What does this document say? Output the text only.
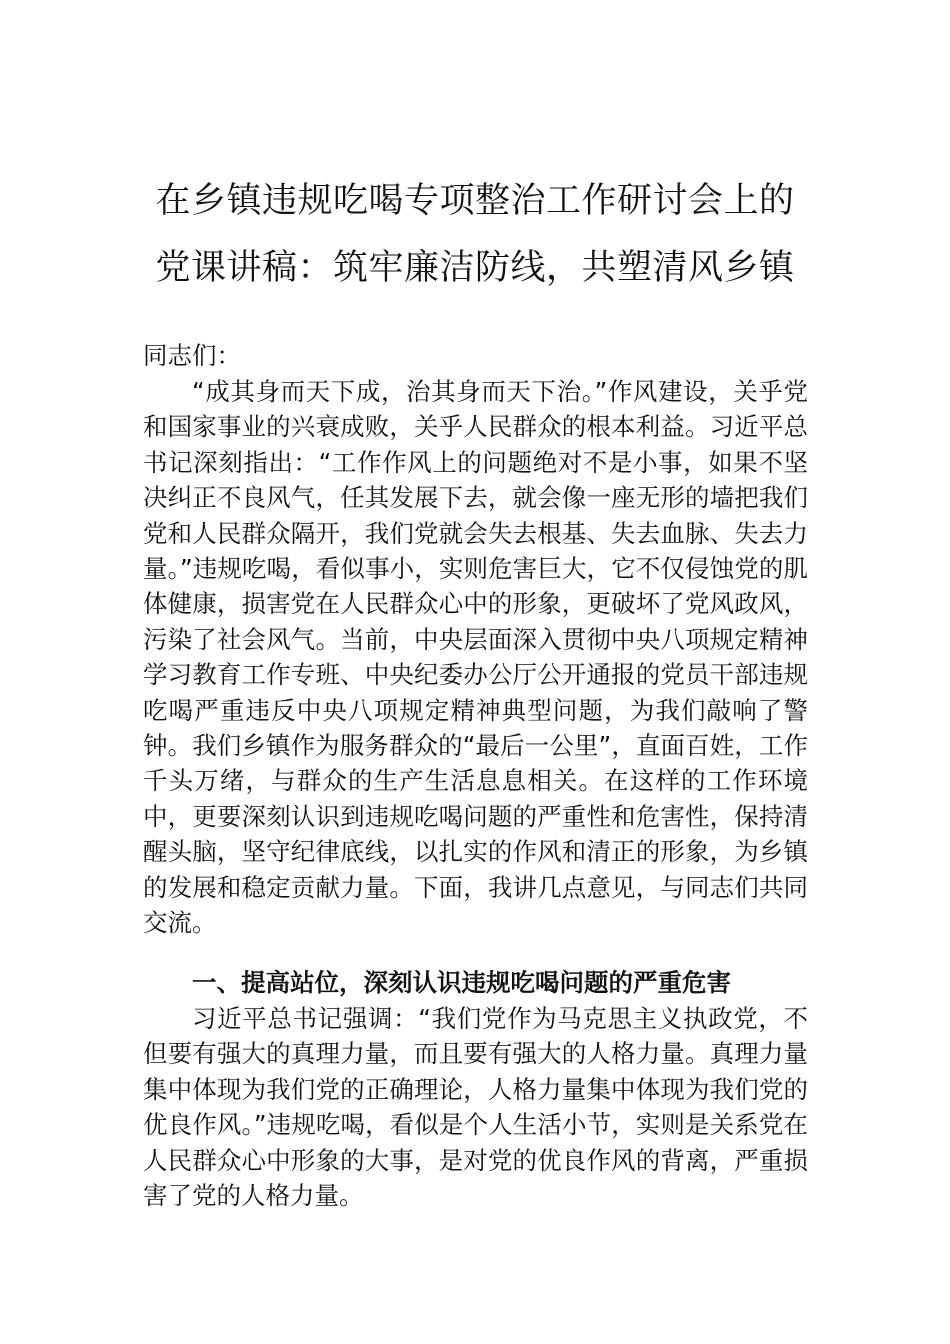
在乡镇违规吃喝专项整治工作研讨会上的
党课讲稿：筑牢廉洁防线，共塑清风乡镇

同志们：

“成其身而天下成，治其身而天下治。”作风建设，关乎党和国家事业的兴衰成败，关乎人民群众的根本利益。习近平总书记深刻指出：“工作作风上的问题绝对不是小事，如果不坚决纠正不良风气，任其发展下去，就会像一座无形的墙把我们党和人民群众隔开，我们党就会失去根基、失去血脉、失去力量。”违规吃喝，看似事小，实则危害巨大，它不仅侵蚀党的肌体健康，损害党在人民群众心中的形象，更破坏了党风政风，污染了社会风气。当前，中央层面深入贯彻中央八项规定精神学习教育工作专班、中央纪委办公厅公开通报的党员干部违规吃喝严重违反中央八项规定精神典型问题，为我们敲响了警钟。我们乡镇作为服务群众的“最后一公里”，直面百姓，工作千头万绪，与群众的生产生活息息相关。在这样的工作环境中，更要深刻认识到违规吃喝问题的严重性和危害性，保持清醒头脑，坚守纪律底线，以扎实的作风和清正的形象，为乡镇的发展和稳定贡献力量。下面，我讲几点意见，与同志们共同交流。

一、提高站位，深刻认识违规吃喝问题的严重危害

习近平总书记强调：“我们党作为马克思主义执政党，不但要有强大的真理力量，而且要有强大的人格力量。真理力量集中体现为我们党的正确理论，人格力量集中体现为我们党的优良作风。”违规吃喝，看似是个人生活小节，实则是关系党在人民群众心中形象的大事，是对党的优良作风的背离，严重损害了党的人格力量。
